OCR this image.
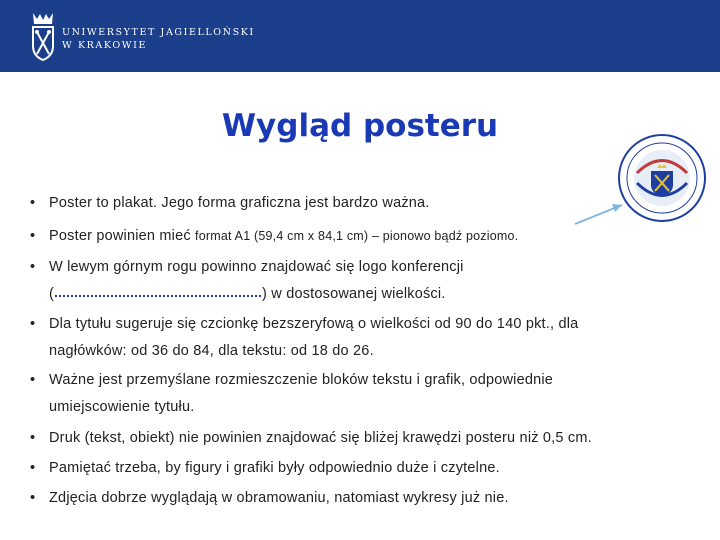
UNIWERSYTET JAGIELLOŃSKI
W KRAKOWIE
Wygląd posteru
• Poster to plakat. Jego forma graficzna jest bardzo ważna.
• Poster powinien mieć format A1 (59,4 cm x 84,1 cm) – pionowo bądź poziomo.
• W lewym górnym rogu powinno znajdować się logo konferencji
(	) w dostosowanej wielkości.
• Dla tytułu sugeruje się czcionkę bezszeryfową o wielkości od 90 do 140 pkt., dla
nagłówków: od 36 do 84, dla tekstu: od 18 do 26.
• Ważne jest przemyślane rozmieszczenie bloków tekstu i grafik, odpowiednie
umiejscowienie tytułu.
• Druk (tekst, obiekt) nie powinien znajdować się bliżej krawędzi posteru niż 0,5 cm.
• Pamiętać trzeba, by figury i grafiki były odpowiednio duże i czytelne.
• Zdjęcia dobrze wyglądają w obramowaniu, natomiast wykresy już nie.
